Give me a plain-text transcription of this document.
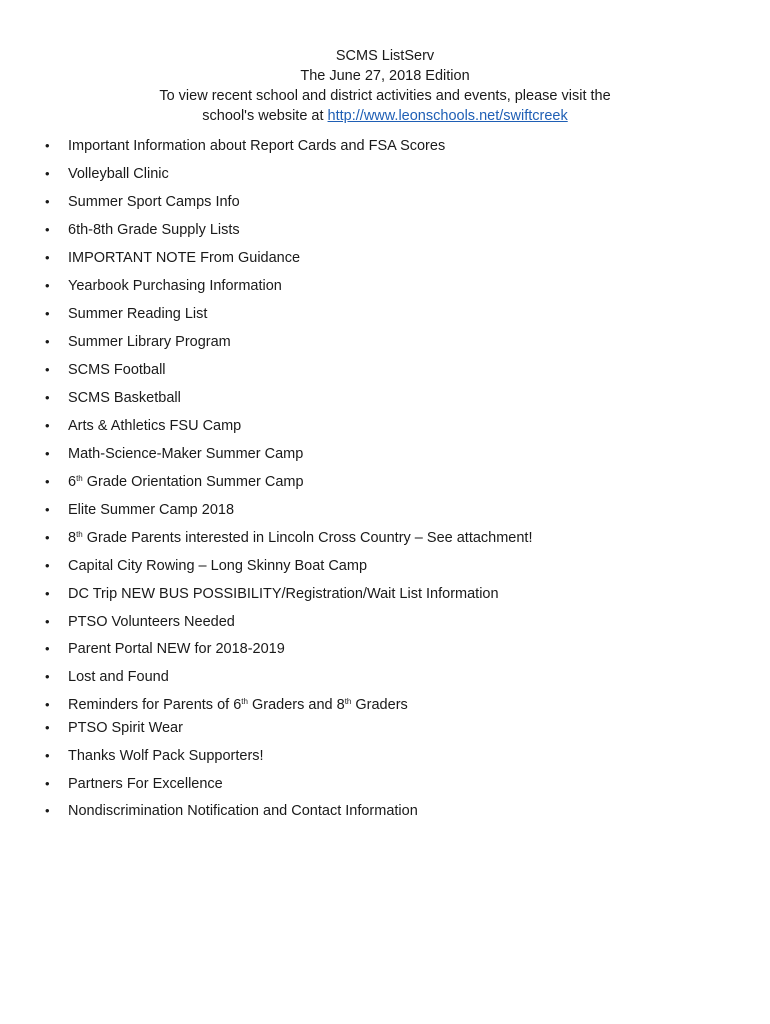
SCMS ListServ
The June 27, 2018 Edition
To view recent school and district activities and events, please visit the
school's website at http://www.leonschools.net/swiftcreek
• Important Information about Report Cards and FSA Scores
• Volleyball Clinic
• Summer Sport Camps Info
• 6th-8th Grade Supply Lists
• IMPORTANT NOTE From Guidance
• Yearbook Purchasing Information
• Summer Reading List
• Summer Library Program
• SCMS Football
• SCMS Basketball
• Arts & Athletics FSU Camp
• Math-Science-Maker Summer Camp
• 6th Grade Orientation Summer Camp
• Elite Summer Camp 2018
• 8th Grade Parents interested in Lincoln Cross Country – See attachment!
• Capital City Rowing – Long Skinny Boat Camp
• DC Trip NEW BUS POSSIBILITY/Registration/Wait List Information
• PTSO Volunteers Needed
• Parent Portal NEW for 2018-2019
• Lost and Found
• Reminders for Parents of 6th Graders and 8th Graders
• PTSO Spirit Wear
• Thanks Wolf Pack Supporters!
• Partners For Excellence
• Nondiscrimination Notification and Contact Information
